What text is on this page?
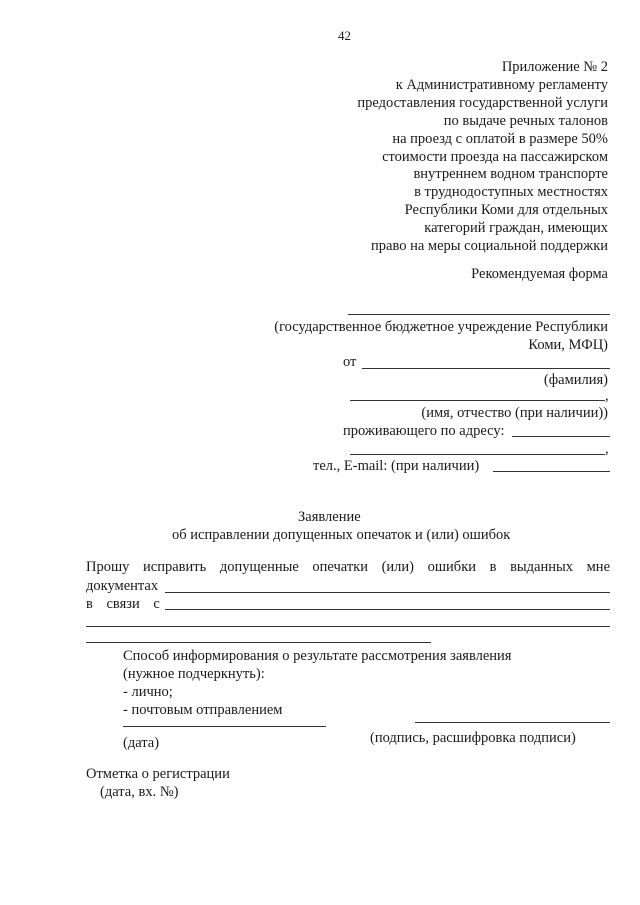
42
Приложение № 2
к Административному регламенту
предоставления государственной услуги
по выдаче речных талонов
на проезд с оплатой в размере 50%
стоимости проезда на пассажирском
внутреннем водном транспорте
в труднодоступных местностях
Республики Коми для отдельных
категорий граждан, имеющих
право на меры социальной поддержки
Рекомендуемая форма
(государственное бюджетное учреждение Республики
Коми, МФЦ)
от
(фамилия)
,
(имя, отчество (при наличии))
проживающего по адресу:
,
тел., E-mail: (при наличии)
Заявление
об исправлении допущенных опечаток и (или) ошибок
Прошу исправить допущенные опечатки (или) ошибки в выданных мне
документах
в связи с
Способ информирования о результате рассмотрения заявления
(нужное подчеркнуть):
- лично;
- почтовым отправлением
(дата)	(подпись, расшифровка подписи)
Отметка о регистрации
(дата, вх. №)
